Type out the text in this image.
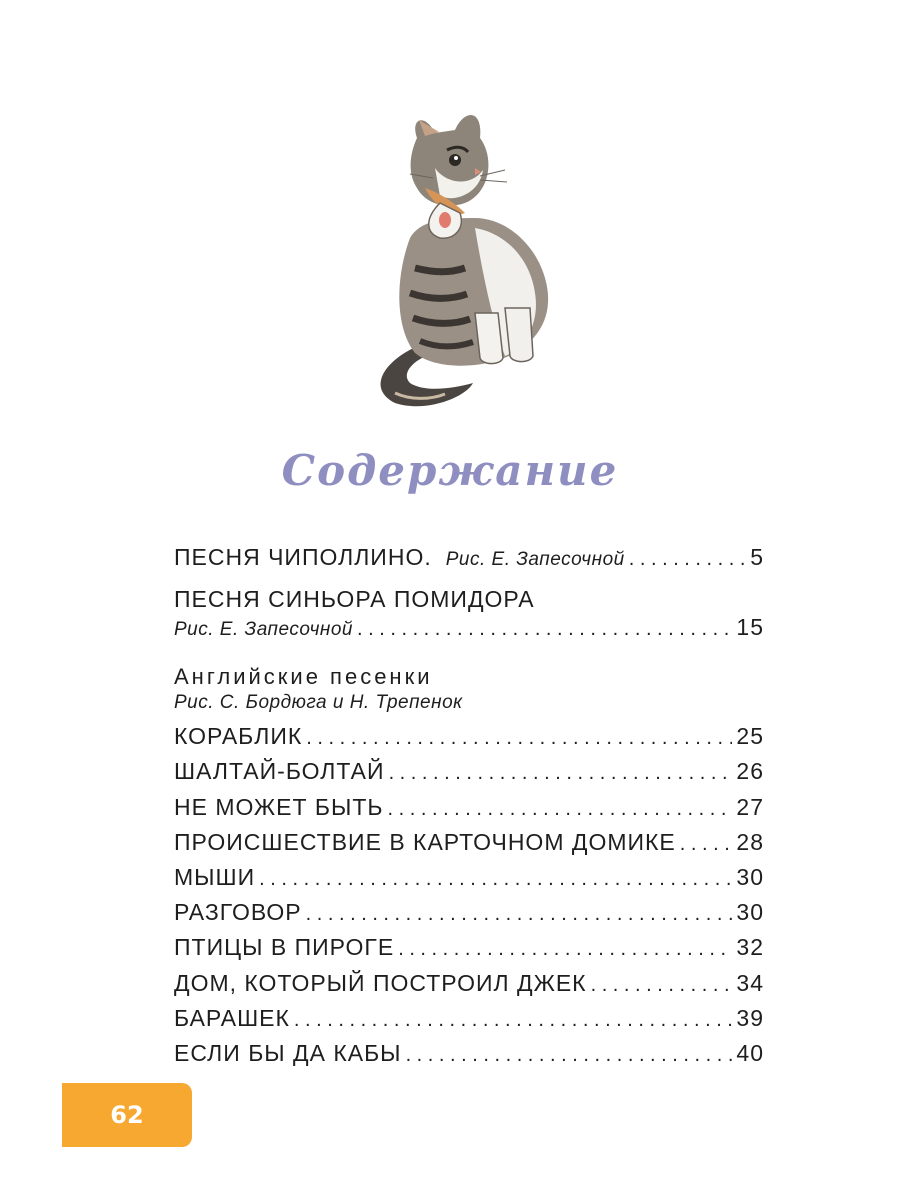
Содержание
ПЕСНЯ ЧИПОЛЛИНО. Рис. Е. Запесочной . . .	5
ПЕСНЯ СИНЬОРА ПОМИДОРА
Рис. Е. Запесочной . . .	15
Английские песенки
Рис. С. Бордюга и Н. Трепенок
КОРАБЛИК . . .	25
ШАЛТАЙ-БОЛТАЙ . . .	26
НЕ МОЖЕТ БЫТЬ . . .	27
ПРОИСШЕСТВИЕ В КАРТОЧНОМ ДОМИКЕ . . .	28
МЫШИ . . .	30
РАЗГОВОР . . .	30
ПТИЦЫ В ПИРОГЕ . . .	32
ДОМ, КОТОРЫЙ ПОСТРОИЛ ДЖЕК . . .	34
БАРАШЕК . . .	39
ЕСЛИ БЫ ДА КАБЫ . . .	40
62
